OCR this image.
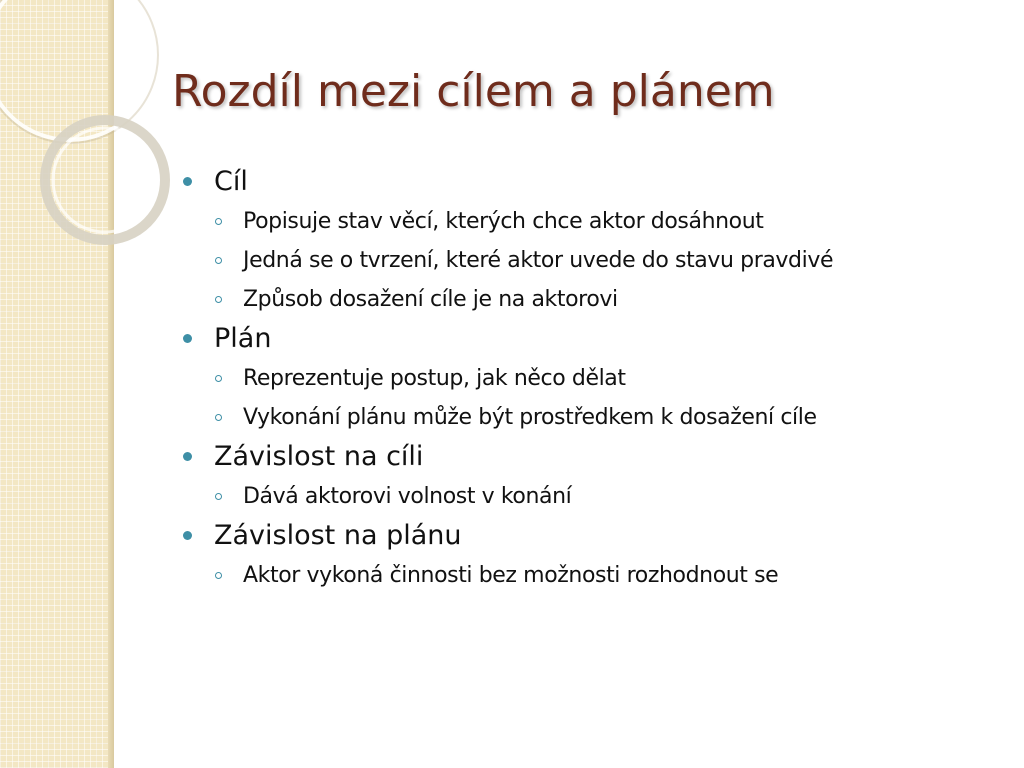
Rozdíl mezi cílem a plánem
Cíl
Popisuje stav věcí, kterých chce aktor dosáhnout
Jedná se o tvrzení, které aktor uvede do stavu pravdivé
Způsob dosažení cíle je na aktorovi
Plán
Reprezentuje postup, jak něco dělat
Vykonání plánu může být prostředkem k dosažení cíle
Závislost na cíli
Dává aktorovi volnost v konání
Závislost na plánu
Aktor vykoná činnosti bez možnosti rozhodnout se
